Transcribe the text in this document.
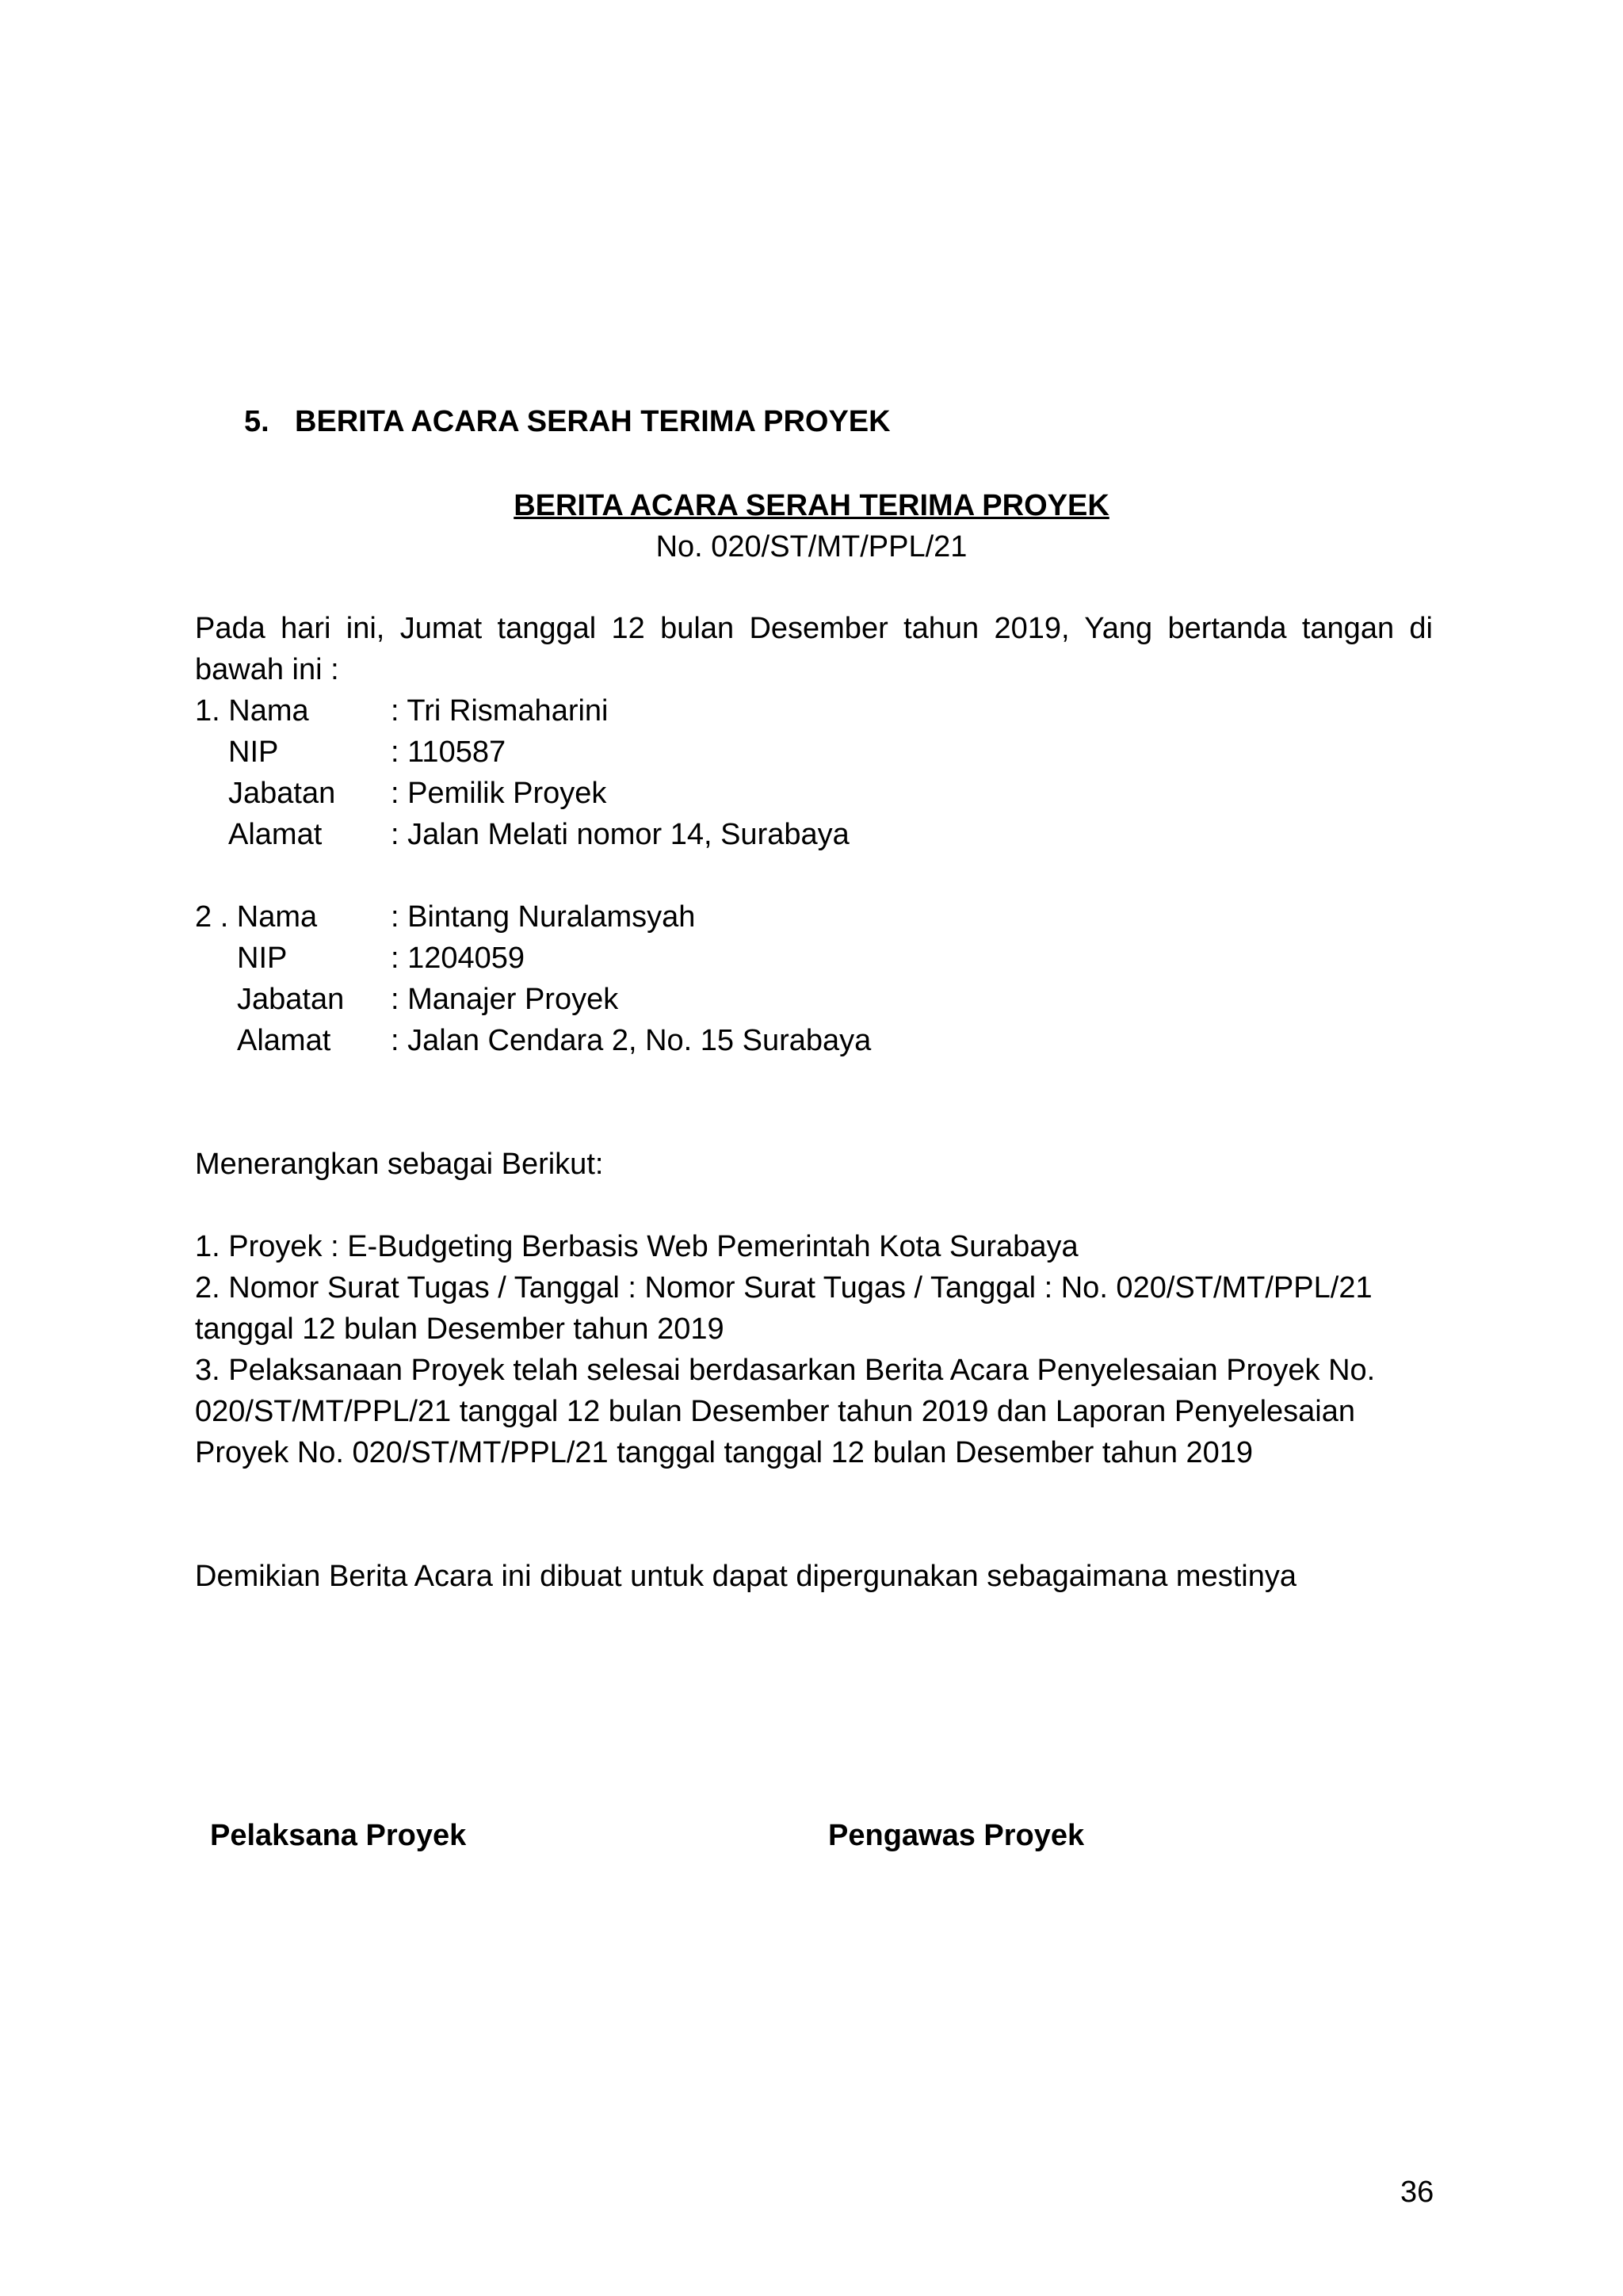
5. BERITA ACARA SERAH TERIMA PROYEK
BERITA ACARA SERAH TERIMA PROYEK
No. 020/ST/MT/PPL/21
Pada hari ini, Jumat tanggal 12 bulan Desember tahun 2019, Yang bertanda tangan di bawah ini :
1. Nama	: Tri Rismaharini
NIP	: 110587
Jabatan : Pemilik Proyek
Alamat : Jalan Melati nomor 14, Surabaya
2 . Nama : Bintang Nuralamsyah
NIP	: 1204059
Jabatan : Manajer Proyek
Alamat : Jalan Cendara 2, No. 15 Surabaya
Menerangkan sebagai Berikut:

1. Proyek : E-Budgeting Berbasis Web Pemerintah Kota Surabaya

2. Nomor Surat Tugas / Tanggal : Nomor Surat Tugas / Tanggal : No. 020/ST/MT/PPL/21 tanggal 12 bulan Desember tahun 2019

3. Pelaksanaan Proyek telah selesai berdasarkan Berita Acara Penyelesaian Proyek No. 020/ST/MT/PPL/21 tanggal 12 bulan Desember tahun 2019 dan Laporan Penyelesaian Proyek No. 020/ST/MT/PPL/21 tanggal tanggal 12 bulan Desember tahun 2019

Demikian Berita Acara ini dibuat untuk dapat dipergunakan sebagaimana mestinya
Pelaksana Proyek	Pengawas Proyek
36
